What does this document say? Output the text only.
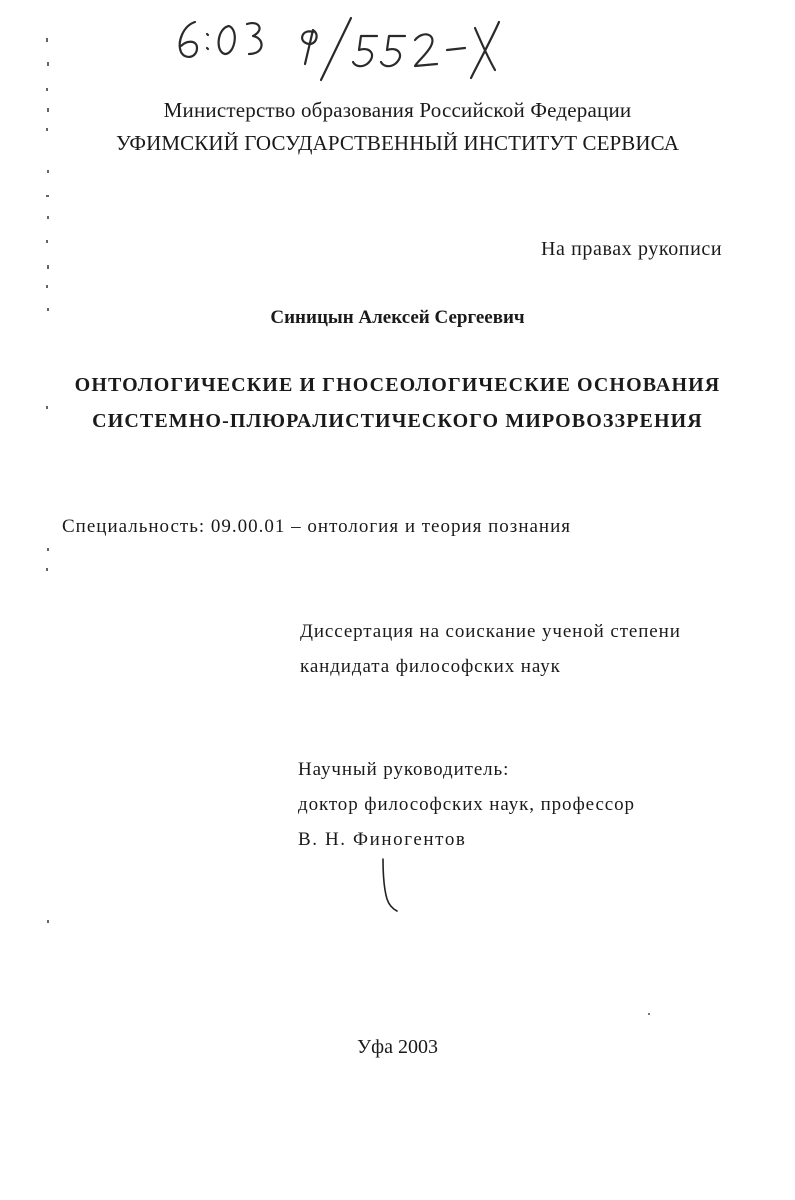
Министерство образования Российской Федерации
УФИМСКИЙ ГОСУДАРСТВЕННЫЙ ИНСТИТУТ СЕРВИСА
На правах рукописи
Синицын Алексей Сергеевич
ОНТОЛОГИЧЕСКИЕ И ГНОСЕОЛОГИЧЕСКИЕ ОСНОВАНИЯ
СИСТЕМНО-ПЛЮРАЛИСТИЧЕСКОГО МИРОВОЗЗРЕНИЯ
Специальность: 09.00.01 – онтология и теория познания
Диссертация на соискание ученой степени
кандидата философских наук
Научный руководитель:
доктор философских наук, профессор
В. Н. Финогентов
Уфа 2003
